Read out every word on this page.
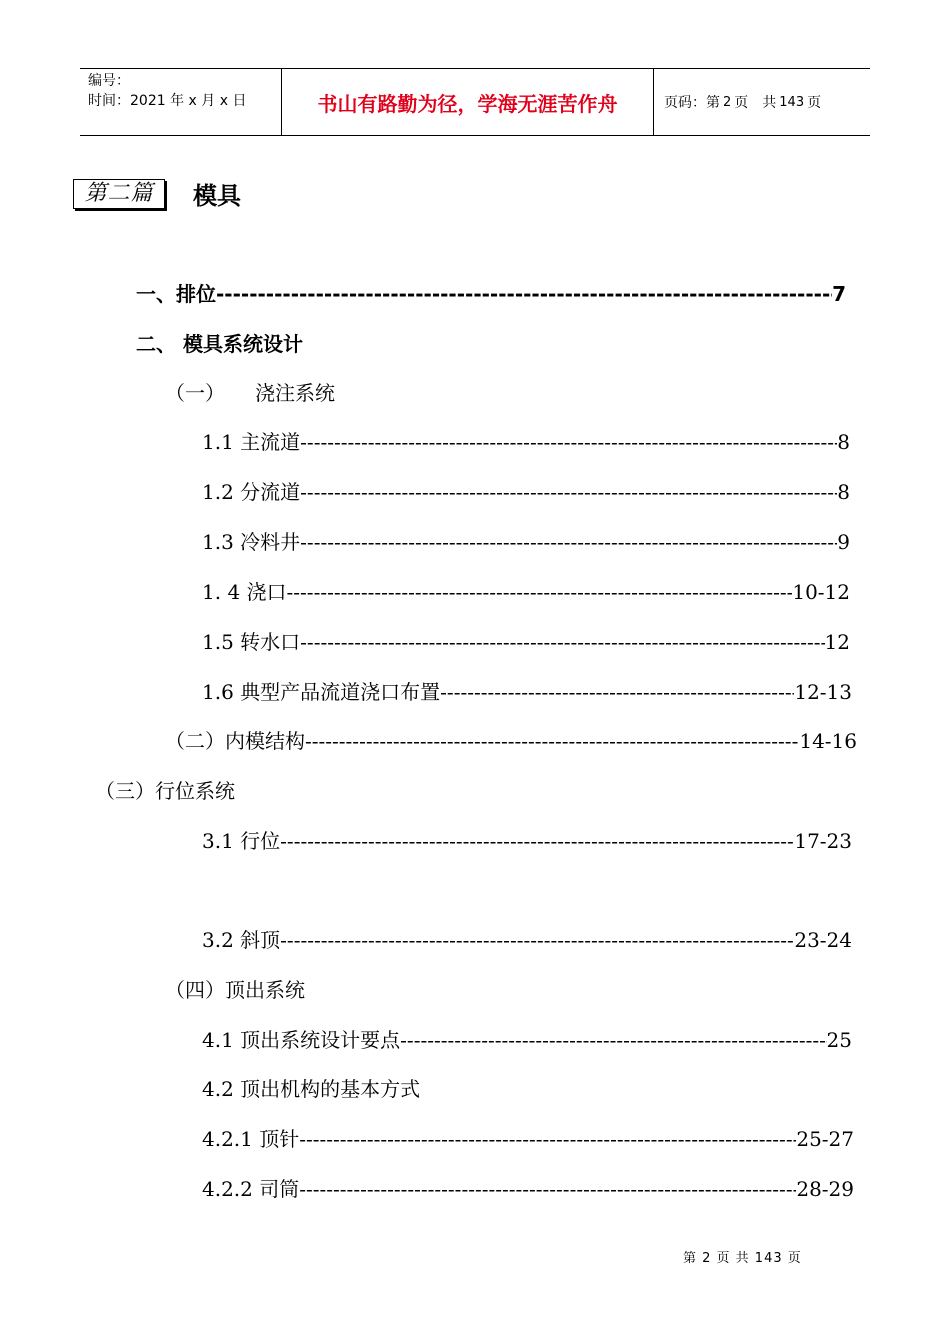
编号：
时间：2021 年 x 月 x 日	书山有路勤为径，学海无涯苦作舟	页码：第 2 页　共 143 页
第二篇	模具
一、排位 -----	7
二、 模具系统设计
（一）　　浇注系统
1.1 主流道 -----	8
1.2 分流道 -----	8
1.3 冷料井 -----	9
1. 4 浇口 -----	10-12
1.5 转水口 -----	12
1.6 典型产品流道浇口布置 -----	12-13
（二）内模结构 -----	14-16
（三）行位系统
3.1 行位 -----	17-23
3.2 斜顶 -----	23-24
（四）顶出系统
4.1 顶出系统设计要点 -----	25
4.2 顶出机构的基本方式
4.2.1 顶针 -----	25-27
4.2.2 司筒 -----	28-29
第 2 页 共 143 页
